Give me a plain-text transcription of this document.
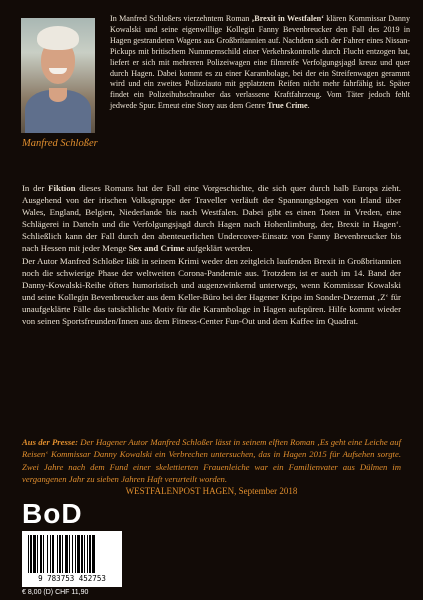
Manfred Schloßer

In Manfred Schloßers vierzehntem Roman ‚Brexit in Westfalen‘ klären Kommissar Danny Kowalski und seine eigenwillige Kollegin Fanny Bevenbreucker den Fall des 2019 in Hagen gestrandeten Wagens aus Großbritannien auf. Nachdem sich der Fahrer eines Nissan-Pickups mit britischem Nummernschild einer Verkehrskontrolle durch Flucht entzogen hat, liefert er sich mit mehreren Polizeiwagen eine filmreife Verfolgungsjagd kreuz und quer durch Hagen. Dabei kommt es zu einer Karambolage, bei der ein Streifenwagen gerammt wird und ein zweites Polizeiauto mit geplatztem Reifen nicht mehr fahrfähig ist. Später findet ein Polizeihubschrauber das verlassene Kraftfahrzeug. Vom Täter jedoch fehlt jedwede Spur. Erneut eine Story aus dem Genre True Crime.

In der Fiktion dieses Romans hat der Fall eine Vorgeschichte, die sich quer durch halb Europa zieht. Ausgehend von der irischen Volksgruppe der Traveller verläuft der Spannungsbogen von Irland über Wales, England, Belgien, Niederlande bis nach Westfalen. Dabei gibt es einen Toten in Vreden, eine Schlägerei in Datteln und die Verfolgungsjagd durch Hagen nach Hohenlimburg, der, Brexit in Hagen‘. Schließlich kann der Fall durch den abenteuerlichen Undercover-Einsatz von Fanny Bevenbreucker bis nach Hessen mit jeder Menge Sex and Crime aufgeklärt werden.

Der Autor Manfred Schloßer läßt in seinem Krimi weder den zeitgleich laufenden Brexit in Großbritannien noch die schwierige Phase der weltweiten Corona-Pandemie aus. Trotzdem ist er auch im 14. Band der Danny-Kowalski-Reihe öfters humoristisch und augenzwinkernd unterwegs, wenn Kommissar Kowalski und seine Kollegin Bevenbreucker aus dem Keller-Büro bei der Hagener Kripo im Sonder-Dezernat ‚Z‘ für unaufgeklärte Fälle das tatsächliche Motiv für die Karambolage in Hagen aufspüren. Hilfe kommt wieder von seinen Sportsfreunden/Innen aus dem Fitness-Center Fun-Out und dem Kaffee im Quadrat.

Aus der Presse: Der Hagener Autor Manfred Schloßer lässt in seinem elften Roman ‚Es geht eine Leiche auf Reisen‘ Kommissar Danny Kowalski ein Verbrechen untersuchen, das in Hagen 2015 für Aufsehen sorgte. Zwei Jahre nach dem Fund einer skelettierten Frauenleiche war ein Familienvater aus Dülmen im vergangenen Jahr zu sieben Jahren Haft verurteilt worden.

WESTFALENPOST HAGEN, September 2018
BoD
9 783753 452753
€ 8,00 (D) CHF 11,90
